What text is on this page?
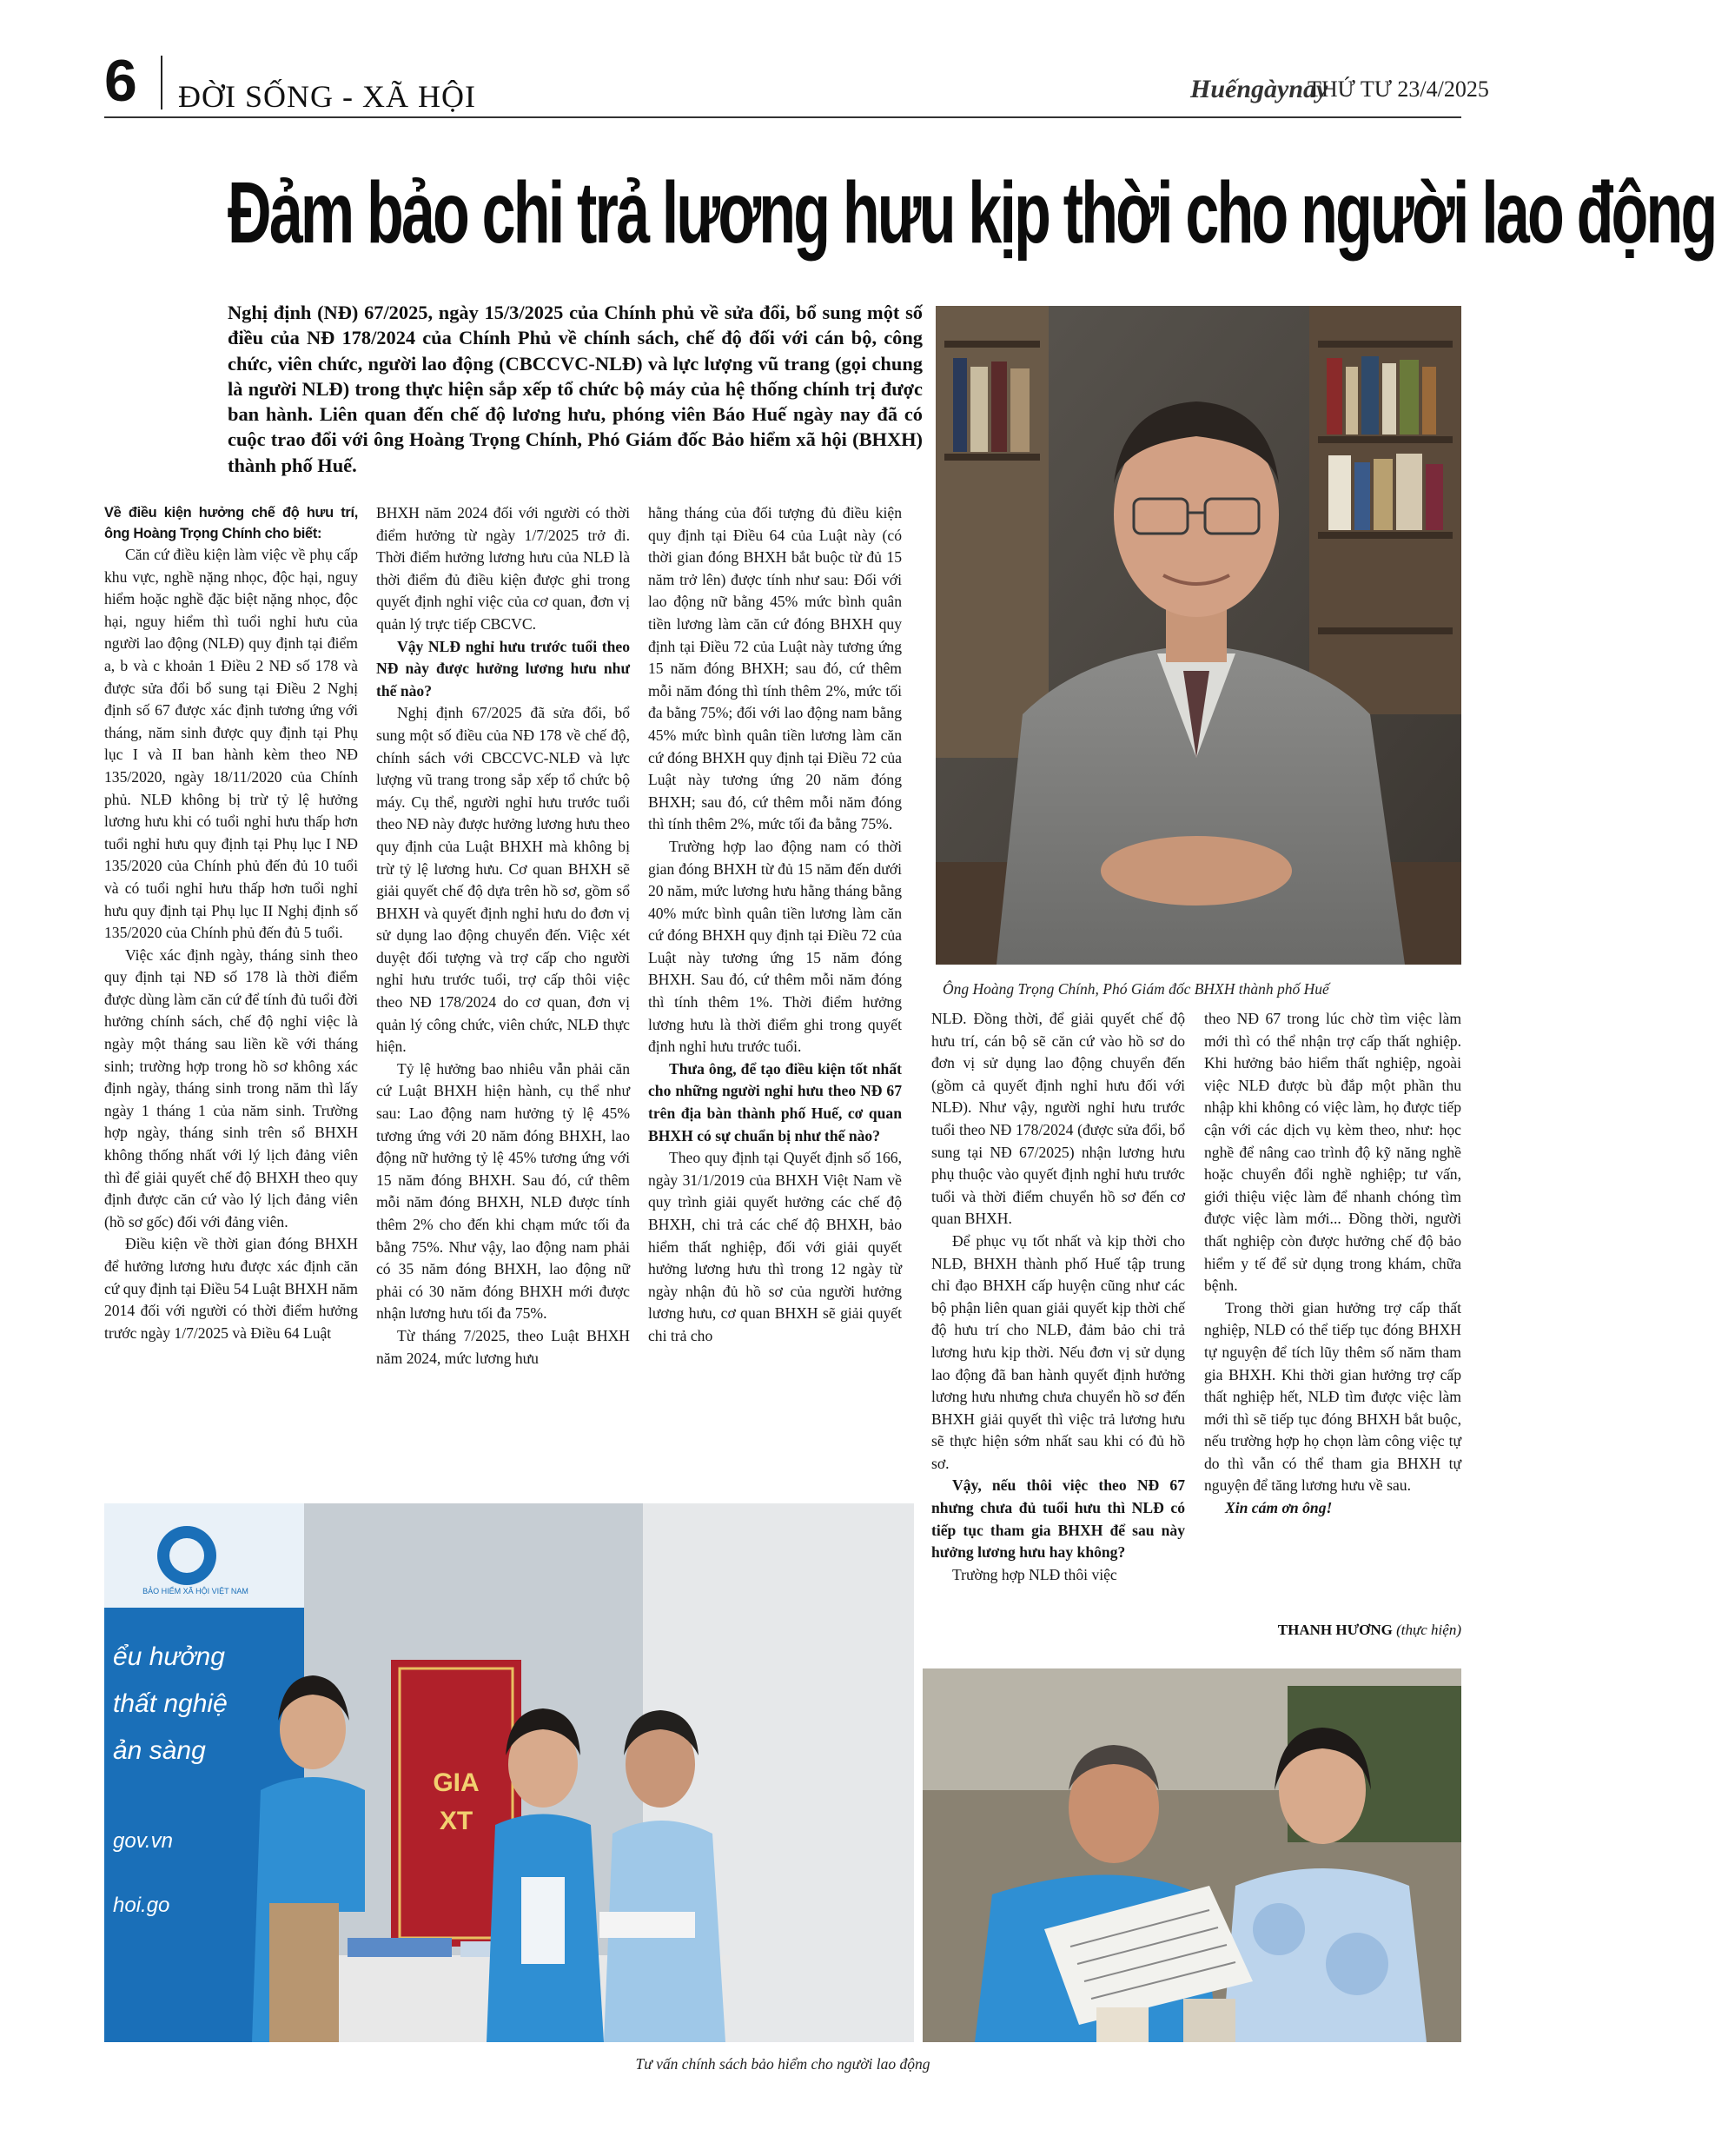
6 ĐỜI SỐNG - XÃ HỘI	Huếngàynay
THỨ TƯ 23/4/2025
Đảm bảo chi trả lương hưu kịp thời cho người lao động
Nghị định (NĐ) 67/2025, ngày 15/3/2025 của Chính phủ về sửa đổi, bổ sung một số điều của NĐ 178/2024 của Chính Phủ về chính sách, chế độ đối với cán bộ, công chức, viên chức, người lao động (CBCCVC-NLĐ) và lực lượng vũ trang (gọi chung là người NLĐ) trong thực hiện sắp xếp tổ chức bộ máy của hệ thống chính trị được ban hành. Liên quan đến chế độ lương hưu, phóng viên Báo Huế ngày nay đã có cuộc trao đổi với ông Hoàng Trọng Chính, Phó Giám đốc Bảo hiểm xã hội (BHXH) thành phố Huế.
Ông Hoàng Trọng Chính, Phó Giám đốc BHXH thành phố Huế

Về điều kiện hưởng chế độ hưu trí, ông Hoàng Trọng Chính cho biết:

Căn cứ điều kiện làm việc về phụ cấp khu vực, nghề nặng nhọc, độc hại, nguy hiểm hoặc nghề đặc biệt nặng nhọc, độc hại, nguy hiểm thì tuổi nghỉ hưu của người lao động (NLĐ) quy định tại điểm a, b và c khoản 1 Điều 2 NĐ số 178 và được sửa đổi bổ sung tại Điều 2 Nghị định số 67 được xác định tương ứng với tháng, năm sinh được quy định tại Phụ lục I và II ban hành kèm theo NĐ 135/2020, ngày 18/11/2020 của Chính phủ. NLĐ không bị trừ tỷ lệ hưởng lương hưu khi có tuổi nghỉ hưu thấp hơn tuổi nghỉ hưu quy định tại Phụ lục I NĐ 135/2020 của Chính phủ đến đủ 10 tuổi và có tuổi nghỉ hưu thấp hơn tuổi nghỉ hưu quy định tại Phụ lục II Nghị định số 135/2020 của Chính phủ đến đủ 5 tuổi.

Việc xác định ngày, tháng sinh theo quy định tại NĐ số 178 là thời điểm được dùng làm căn cứ để tính đủ tuổi đời hưởng chính sách, chế độ nghỉ việc là ngày một tháng sau liền kề với tháng sinh; trường hợp trong hồ sơ không xác định ngày, tháng sinh trong năm thì lấy ngày 1 tháng 1 của năm sinh. Trường hợp ngày, tháng sinh trên sổ BHXH không thống nhất với lý lịch đảng viên thì để giải quyết chế độ BHXH theo quy định được căn cứ vào lý lịch đảng viên (hồ sơ gốc) đối với đảng viên.

Điều kiện về thời gian đóng BHXH để hưởng lương hưu được xác định căn cứ quy định tại Điều 54 Luật BHXH năm 2014 đối với người có thời điểm hưởng trước ngày 1/7/2025 và Điều 64 Luật

BHXH năm 2024 đối với người có thời điểm hưởng từ ngày 1/7/2025 trở đi. Thời điểm hưởng lương hưu của NLĐ là thời điểm đủ điều kiện được ghi trong quyết định nghỉ việc của cơ quan, đơn vị quản lý trực tiếp CBCVC.

Vậy NLĐ nghỉ hưu trước tuổi theo NĐ này được hưởng lương hưu như thế nào?

Nghị định 67/2025 đã sửa đổi, bổ sung một số điều của NĐ 178 về chế độ, chính sách với CBCCVC-NLĐ và lực lượng vũ trang trong sắp xếp tổ chức bộ máy. Cụ thể, người nghỉ hưu trước tuổi theo NĐ này được hưởng lương hưu theo quy định của Luật BHXH mà không bị trừ tỷ lệ lương hưu. Cơ quan BHXH sẽ giải quyết chế độ dựa trên hồ sơ, gồm sổ BHXH và quyết định nghỉ hưu do đơn vị sử dụng lao động chuyển đến. Việc xét duyệt đối tượng và trợ cấp cho người nghỉ hưu trước tuổi, trợ cấp thôi việc theo NĐ 178/2024 do cơ quan, đơn vị quản lý công chức, viên chức, NLĐ thực hiện.

Tỷ lệ hưởng bao nhiêu vẫn phải căn cứ Luật BHXH hiện hành, cụ thể như sau: Lao động nam hưởng tỷ lệ 45% tương ứng với 20 năm đóng BHXH, lao động nữ hưởng tỷ lệ 45% tương ứng với 15 năm đóng BHXH. Sau đó, cứ thêm mỗi năm đóng BHXH, NLĐ được tính thêm 2% cho đến khi chạm mức tối đa bằng 75%. Như vậy, lao động nam phải có 35 năm đóng BHXH, lao động nữ phải có 30 năm đóng BHXH mới được nhận lương hưu tối đa 75%.

Từ tháng 7/2025, theo Luật BHXH năm 2024, mức lương hưu

hằng tháng của đối tượng đủ điều kiện quy định tại Điều 64 của Luật này (có thời gian đóng BHXH bắt buộc từ đủ 15 năm trở lên) được tính như sau: Đối với lao động nữ bằng 45% mức bình quân tiền lương làm căn cứ đóng BHXH quy định tại Điều 72 của Luật này tương ứng 15 năm đóng BHXH; sau đó, cứ thêm mỗi năm đóng thì tính thêm 2%, mức tối đa bằng 75%; đối với lao động nam bằng 45% mức bình quân tiền lương làm căn cứ đóng BHXH quy định tại Điều 72 của Luật này tương ứng 20 năm đóng BHXH; sau đó, cứ thêm mỗi năm đóng thì tính thêm 2%, mức tối đa bằng 75%.

Trường hợp lao động nam có thời gian đóng BHXH từ đủ 15 năm đến dưới 20 năm, mức lương hưu hằng tháng bằng 40% mức bình quân tiền lương làm căn cứ đóng BHXH quy định tại Điều 72 của Luật này tương ứng 15 năm đóng BHXH. Sau đó, cứ thêm mỗi năm đóng thì tính thêm 1%. Thời điểm hưởng lương hưu là thời điểm ghi trong quyết định nghỉ hưu trước tuổi.

Thưa ông, để tạo điều kiện tốt nhất cho những người nghỉ hưu theo NĐ 67 trên địa bàn thành phố Huế, cơ quan BHXH có sự chuẩn bị như thế nào?

Theo quy định tại Quyết định số 166, ngày 31/1/2019 của BHXH Việt Nam về quy trình giải quyết hưởng các chế độ BHXH, chi trả các chế độ BHXH, bảo hiểm thất nghiệp, đối với giải quyết hưởng lương hưu thì trong 12 ngày từ ngày nhận đủ hồ sơ của người hưởng lương hưu, cơ quan BHXH sẽ giải quyết chi trả cho

NLĐ. Đồng thời, để giải quyết chế độ hưu trí, cán bộ sẽ căn cứ vào hồ sơ do đơn vị sử dụng lao động chuyển đến (gồm cả quyết định nghỉ hưu đối với NLĐ). Như vậy, người nghỉ hưu trước tuổi theo NĐ 178/2024 (được sửa đổi, bổ sung tại NĐ 67/2025) nhận lương hưu phụ thuộc vào quyết định nghỉ hưu trước tuổi và thời điểm chuyển hồ sơ đến cơ quan BHXH.

Để phục vụ tốt nhất và kịp thời cho NLĐ, BHXH thành phố Huế tập trung chỉ đạo BHXH cấp huyện cũng như các bộ phận liên quan giải quyết kịp thời chế độ hưu trí cho NLĐ, đảm bảo chi trả lương hưu kịp thời. Nếu đơn vị sử dụng lao động đã ban hành quyết định hưởng lương hưu nhưng chưa chuyển hồ sơ đến BHXH giải quyết thì việc trả lương hưu sẽ thực hiện sớm nhất sau khi có đủ hồ sơ.

Vậy, nếu thôi việc theo NĐ 67 nhưng chưa đủ tuổi hưu thì NLĐ có tiếp tục tham gia BHXH để sau này hưởng lương hưu hay không?

Trường hợp NLĐ thôi việc

theo NĐ 67 trong lúc chờ tìm việc làm mới thì có thể nhận trợ cấp thất nghiệp. Khi hưởng bảo hiểm thất nghiệp, ngoài việc NLĐ được bù đắp một phần thu nhập khi không có việc làm, họ được tiếp cận với các dịch vụ kèm theo, như: học nghề để nâng cao trình độ kỹ năng nghề hoặc chuyển đổi nghề nghiệp; tư vấn, giới thiệu việc làm để nhanh chóng tìm được việc làm mới... Đồng thời, người thất nghiệp còn được hưởng chế độ bảo hiểm y tế để sử dụng trong khám, chữa bệnh.

Trong thời gian hưởng trợ cấp thất nghiệp, NLĐ có thể tiếp tục đóng BHXH tự nguyện để tích lũy thêm số năm tham gia BHXH. Khi thời gian hưởng trợ cấp thất nghiệp hết, NLĐ tìm được việc làm mới thì sẽ tiếp tục đóng BHXH bắt buộc, nếu trường hợp họ chọn làm công việc tự do thì vẫn có thể tham gia BHXH tự nguyện để tăng lương hưu về sau.

Xin cám ơn ông!

THANH HƯƠNG (thực hiện)
ểu hưởng
thất nghiệ
ản sàng
gov.vn
hoi.go
BẢO HIỂM XÃ HỘI VIỆT NAM
GIA
XT
Tư vấn chính sách bảo hiểm cho người lao động
